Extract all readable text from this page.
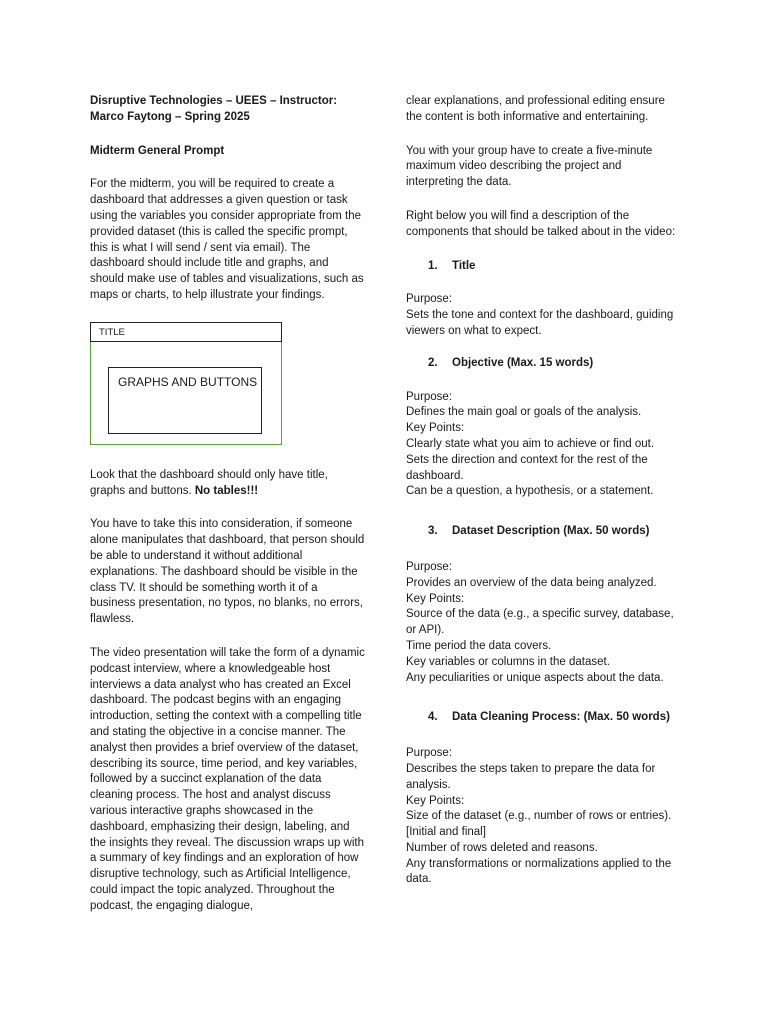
Disruptive Technologies – UEES – Instructor: Marco Faytong – Spring 2025

Midterm General Prompt

For the midterm, you will be required to create a dashboard that addresses a given question or task using the variables you consider appropriate from the provided dataset (this is called the specific prompt, this is what I will send / sent via email). The dashboard should include title and graphs, and should make use of tables and visualizations, such as maps or charts, to help illustrate your findings.

TITLE
GRAPHS AND BUTTONS

Look that the dashboard should only have title, graphs and buttons. No tables!!!

You have to take this into consideration, if someone alone manipulates that dashboard, that person should be able to understand it without additional explanations. The dashboard should be visible in the class TV. It should be something worth it of a business presentation, no typos, no blanks, no errors, flawless.

The video presentation will take the form of a dynamic podcast interview, where a knowledgeable host interviews a data analyst who has created an Excel dashboard. The podcast begins with an engaging introduction, setting the context with a compelling title and stating the objective in a concise manner. The analyst then provides a brief overview of the dataset, describing its source, time period, and key variables, followed by a succinct explanation of the data cleaning process. The host and analyst discuss various interactive graphs showcased in the dashboard, emphasizing their design, labeling, and the insights they reveal. The discussion wraps up with a summary of key findings and an exploration of how disruptive technology, such as Artificial Intelligence, could impact the topic analyzed. Throughout the podcast, the engaging dialogue,

clear explanations, and professional editing ensure the content is both informative and entertaining.

You with your group have to create a five-minute maximum video describing the project and interpreting the data.

Right below you will find a description of the components that should be talked about in the video:

1.	Title

Purpose:

Sets the tone and context for the dashboard, guiding viewers on what to expect.

2.	Objective (Max. 15 words)

Purpose:

Defines the main goal or goals of the analysis.

Key Points:

Clearly state what you aim to achieve or find out.

Sets the direction and context for the rest of the dashboard.

Can be a question, a hypothesis, or a statement.

3.	Dataset Description (Max. 50 words)

Purpose:

Provides an overview of the data being analyzed.

Key Points:

Source of the data (e.g., a specific survey, database, or API).

Time period the data covers.

Key variables or columns in the dataset.

Any peculiarities or unique aspects about the data.

4.	Data Cleaning Process: (Max. 50 words)

Purpose:

Describes the steps taken to prepare the data for analysis.

Key Points:

Size of the dataset (e.g., number of rows or entries). [Initial and final]

Number of rows deleted and reasons.

Any transformations or normalizations applied to the data.
